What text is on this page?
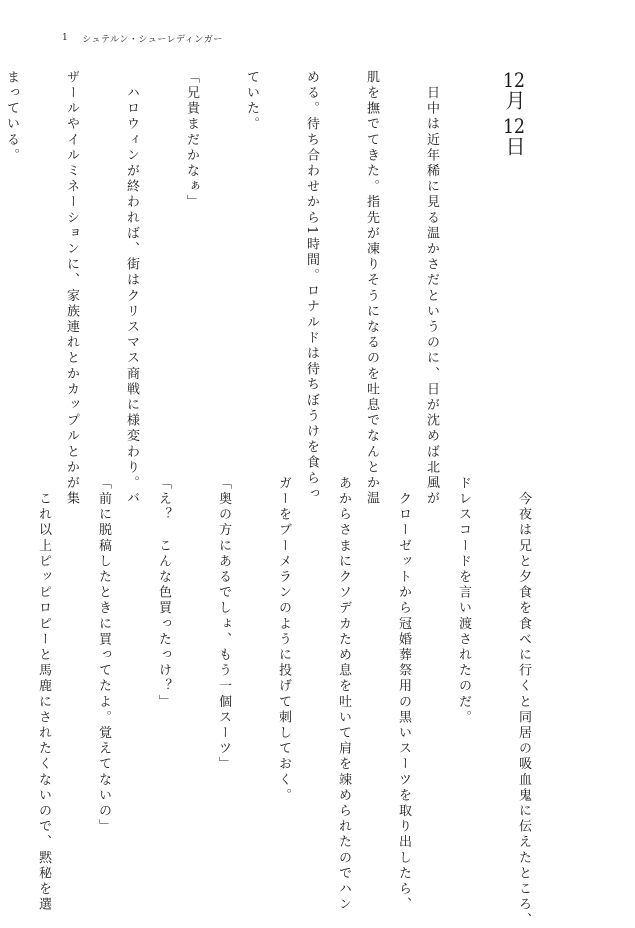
1 シュテルン・シューレディンガー

12月12日

　日中は近年稀に見る温かさだというのに、日が沈めば北風が

肌を撫でてきた。指先が凍りそうになるのを吐息でなんとか温

める。待ち合わせから1時間。ロナルドは待ちぼうけを食らっ

ていた。

「兄貴まだかなぁ」

　ハロウィンが終われば、街はクリスマス商戦に様変わり。バ

ザールやイルミネーションに、家族連れとかカップルとかが集

まっている。

　今夜は兄と夕食を食べに行くと同居の吸血鬼に伝えたところ、

ドレスコードを言い渡されたのだ。

　クローゼットから冠婚葬祭用の黒いスーツを取り出したら、

あからさまにクソデカため息を吐いて肩を竦められたのでハン

ガーをブーメランのように投げて刺しておく。

「奥の方にあるでしょ、もう一個スーツ」

「え？　こんな色買ったっけ？」

「前に脱稿したときに買ってたよ。覚えてないの」

　これ以上ピッピロピーと馬鹿にされたくないので、黙秘を選
